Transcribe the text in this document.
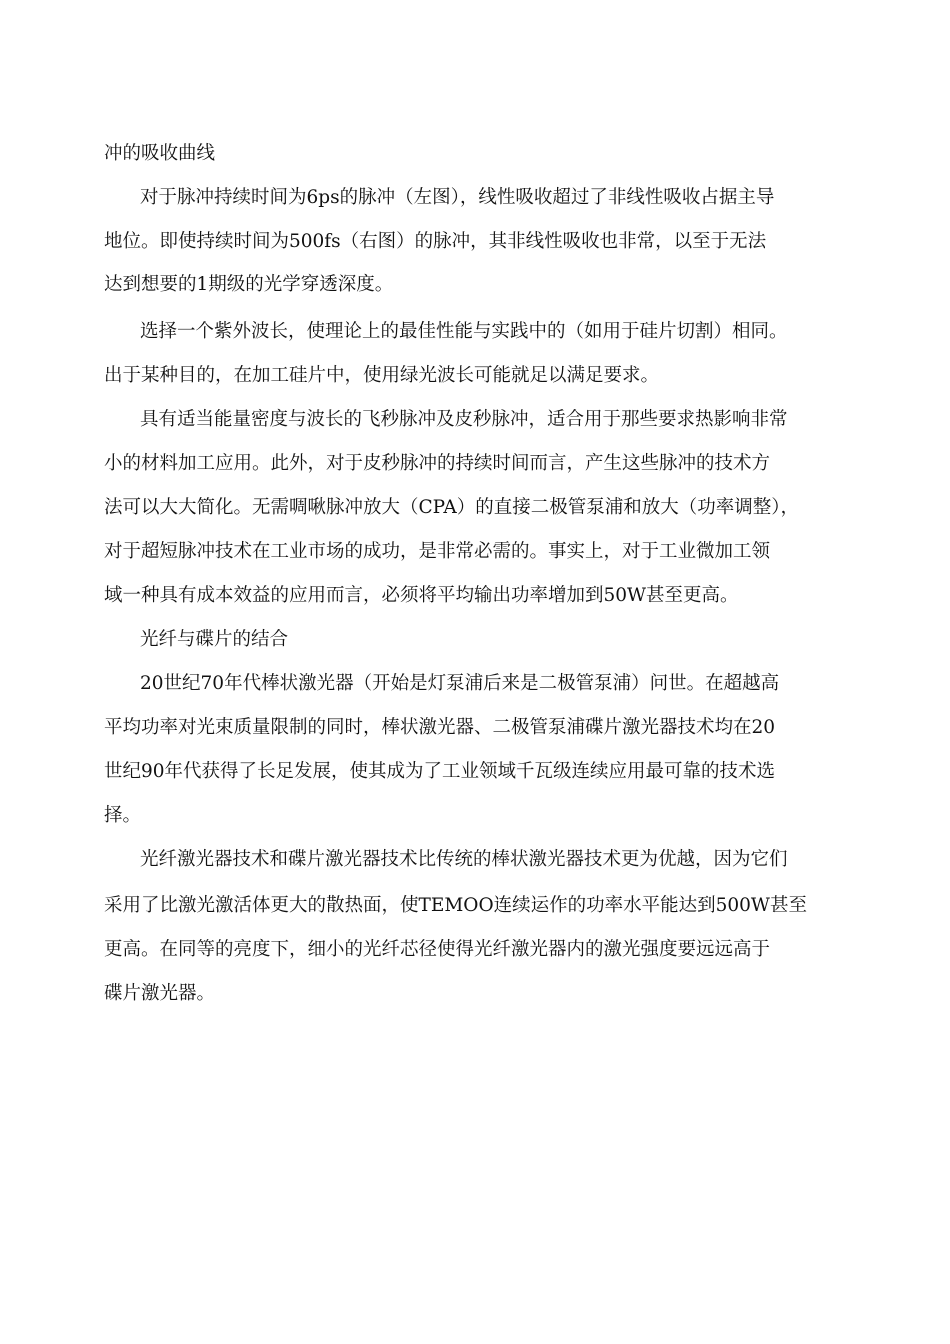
冲的吸收曲线
对于脉冲持续时间为6ps的脉冲（左图），线性吸收超过了非线性吸收占据主导
地位。即使持续时间为500fs（右图）的脉冲，其非线性吸收也非常，以至于无法
达到想要的1期级的光学穿透深度。
选择一个紫外波长，使理论上的最佳性能与实践中的（如用于硅片切割）相同。
出于某种目的，在加工硅片中，使用绿光波长可能就足以满足要求。
具有适当能量密度与波长的飞秒脉冲及皮秒脉冲，适合用于那些要求热影响非常
小的材料加工应用。此外，对于皮秒脉冲的持续时间而言，产生这些脉冲的技术方
法可以大大简化。无需啁啾脉冲放大（CPA）的直接二极管泵浦和放大（功率调整），
对于超短脉冲技术在工业市场的成功，是非常必需的。事实上，对于工业微加工领
域一种具有成本效益的应用而言，必须将平均输出功率增加到50W甚至更高。
光纤与碟片的结合
20世纪70年代棒状激光器（开始是灯泵浦后来是二极管泵浦）问世。在超越高
平均功率对光束质量限制的同时，棒状激光器、二极管泵浦碟片激光器技术均在20
世纪90年代获得了长足发展，使其成为了工业领域千瓦级连续应用最可靠的技术选
择。
光纤激光器技术和碟片激光器技术比传统的棒状激光器技术更为优越，因为它们
采用了比激光激活体更大的散热面，使TEMOO连续运作的功率水平能达到500W甚至
更高。在同等的亮度下，细小的光纤芯径使得光纤激光器内的激光强度要远远高于
碟片激光器。
